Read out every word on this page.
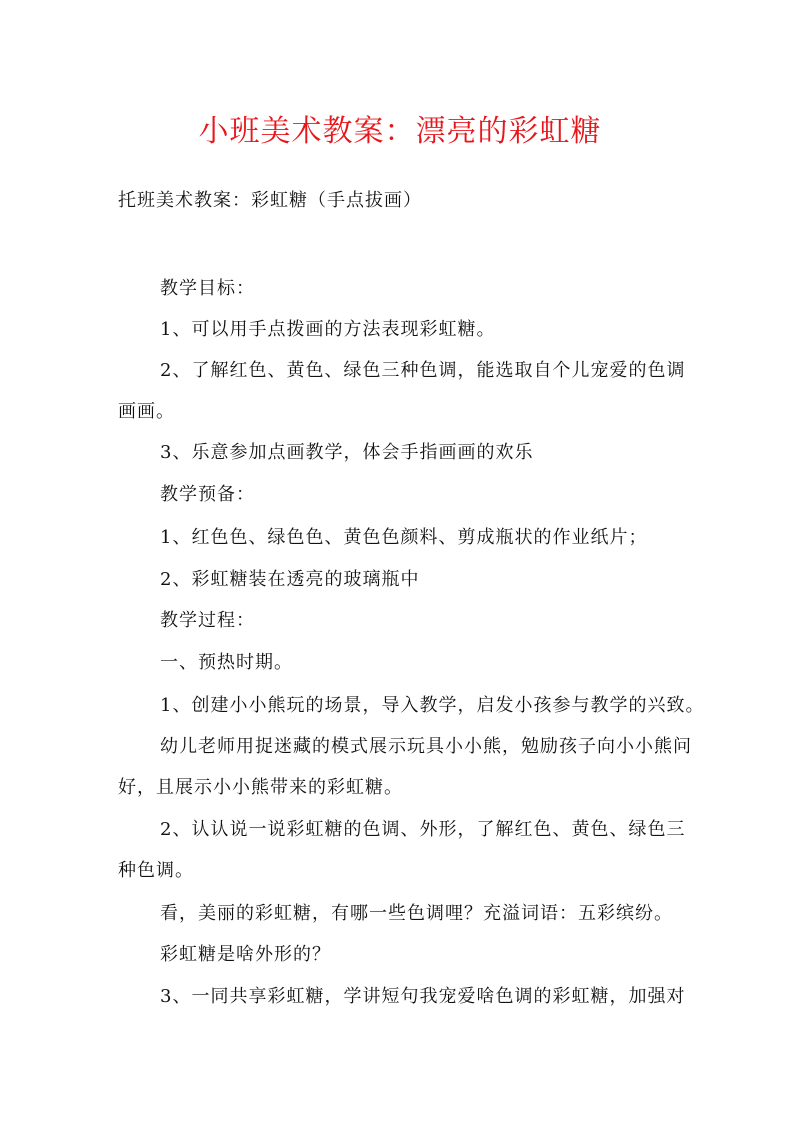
小班美术教案：漂亮的彩虹糖
托班美术教案：彩虹糖（手点拔画）
教学目标：
1、可以用手点拨画的方法表现彩虹糖。
2、了解红色、黄色、绿色三种色调，能选取自个儿宠爱的色调
画画。
3、乐意参加点画教学，体会手指画画的欢乐
教学预备：
1、红色色、绿色色、黄色色颜料、剪成瓶状的作业纸片；
2、彩虹糖装在透亮的玻璃瓶中
教学过程：
一、预热时期。
1、创建小小熊玩的场景，导入教学，启发小孩参与教学的兴致。
幼儿老师用捉迷藏的模式展示玩具小小熊，勉励孩子向小小熊问
好，且展示小小熊带来的彩虹糖。
2、认认说一说彩虹糖的色调、外形，了解红色、黄色、绿色三
种色调。
看，美丽的彩虹糖，有哪一些色调哩？充溢词语：五彩缤纷。
彩虹糖是啥外形的？
3、一同共享彩虹糖，学讲短句我宠爱啥色调的彩虹糖，加强对
